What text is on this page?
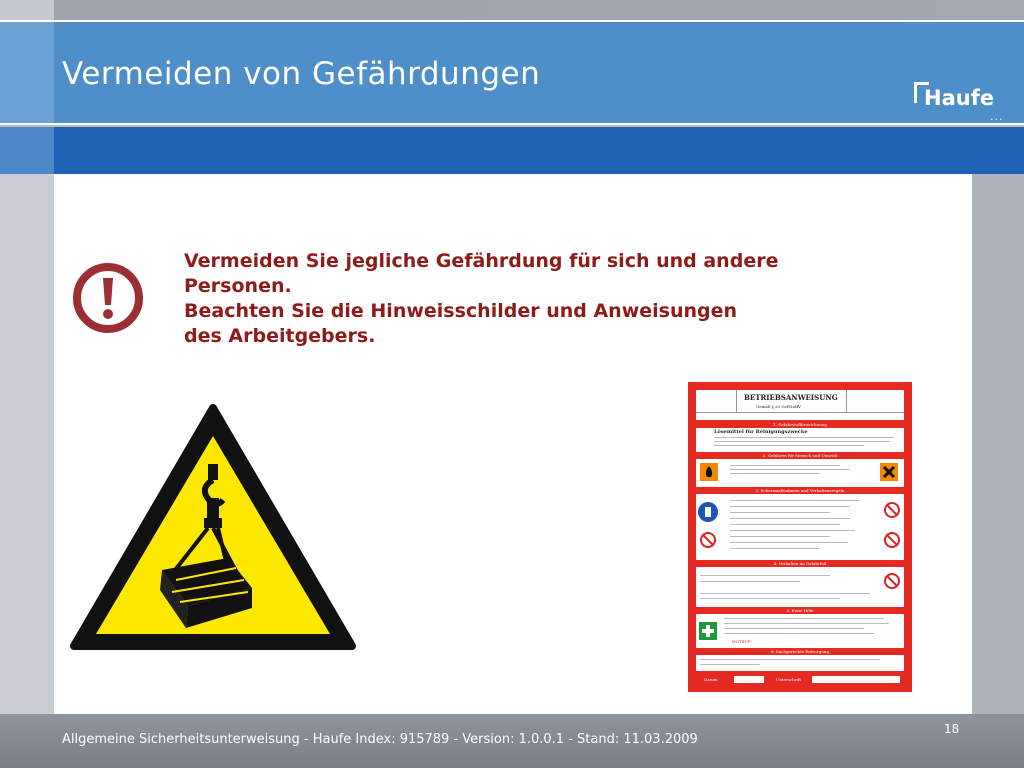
Vermeiden von Gefährdungen
Haufe
...
Vermeiden Sie jegliche Gefährdung für sich und andere
Personen.
Beachten Sie die Hinweisschilder und Anweisungen
des Arbeitgebers.
BETRIEBSANWEISUNG
Gemäß § 20 GefStoffV
1. Gefahrstoffbezeichnung
Lösemittel für Reinigungszwecke
2. Gefahren für Mensch und Umwelt
3. Schutzmaßnahmen und Verhaltensregeln
4. Verhalten im Gefahrfall
5. Erste Hilfe
NOTRUF:
6. Sachgerechte Entsorgung
Datum	Unterschrift
Allgemeine Sicherheitsunterweisung - Haufe Index: 915789 - Version: 1.0.0.1 - Stand: 11.03.2009
18
